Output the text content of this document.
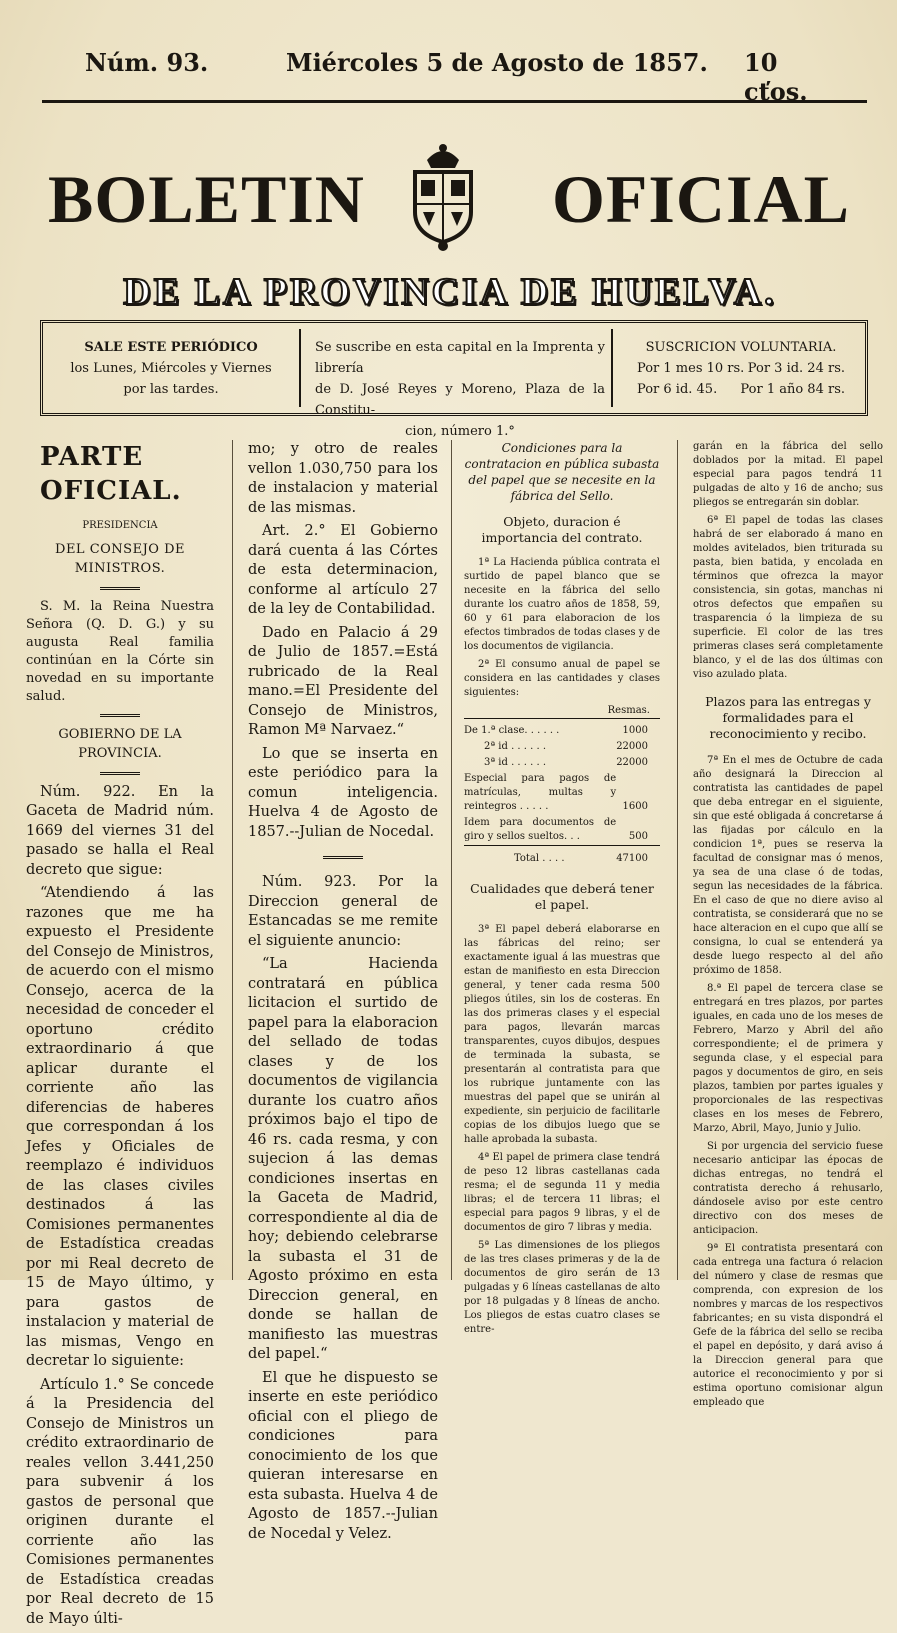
Núm. 93.	Miércoles 5 de Agosto de 1857. 10 cťos.
BOLETIN	OFICIAL
DE LA PROVINCIA DE HUELVA.
SALE ESTE PERIÓDICO
los Lunes, Miércoles y Viernes
por las tardes.
Se suscribe en esta capital en la Imprenta y librería
de D. José Reyes y Moreno, Plaza de la Constitu-
cion, número 1.°
SUSCRICION VOLUNTARIA.
Por 1 mes 10 rs. Por 3 id. 24 rs.
Por 6 id. 45. Por 1 año 84 rs.
PARTE OFICIAL.

PRESIDENCIA

DEL CONSEJO DE MINISTROS.

S. M. la Reina Nuestra Señora (Q. D. G.) y su augusta Real familia continúan en la Córte sin novedad en su importante salud.

GOBIERNO DE LA PROVINCIA.

Núm. 922. En la Gaceta de Madrid núm. 1669 del viernes 31 del pasado se halla el Real decreto que sigue:

“Atendiendo á las razones que me ha expuesto el Presidente del Consejo de Ministros, de acuerdo con el mismo Consejo, acerca de la necesidad de conceder el oportuno crédito extraordinario á que aplicar durante el corriente año las diferencias de haberes que correspondan á los Jefes y Oficiales de reemplazo é individuos de las clases civiles destinados á las Comisiones permanentes de Estadística creadas por mi Real decreto de 15 de Mayo último, y para gastos de instalacion y material de las mismas, Vengo en decretar lo siguiente:

Artículo 1.° Se concede á la Presidencia del Consejo de Ministros un crédito extraordinario de reales vellon 3.441,250 para subvenir á los gastos de personal que originen durante el corriente año las Comisiones permanentes de Estadística creadas por Real decreto de 15 de Mayo últi-

mo; y otro de reales vellon 1.030,750 para los de instalacion y material de las mismas.

Art. 2.° El Gobierno dará cuenta á las Córtes de esta determinacion, conforme al artículo 27 de la ley de Contabilidad.

Dado en Palacio á 29 de Julio de 1857.=Está rubricado de la Real mano.=El Presidente del Consejo de Ministros, Ramon Mª Narvaez.“

Lo que se inserta en este periódico para la comun inteligencia. Huelva 4 de Agosto de 1857.--Julian de Nocedal.

Núm. 923. Por la Direccion general de Estancadas se me remite el siguiente anuncio:

“La Hacienda contratará en pública licitacion el surtido de papel para la elaboracion del sellado de todas clases y de los documentos de vigilancia durante los cuatro años próximos bajo el tipo de 46 rs. cada resma, y con sujecion á las demas condiciones insertas en la Gaceta de Madrid, correspondiente al dia de hoy; debiendo celebrarse la subasta el 31 de Agosto próximo en esta Direccion general, en donde se hallan de manifiesto las muestras del papel.“

El que he dispuesto se inserte en este periódico oficial con el pliego de condiciones para conocimiento de los que quieran interesarse en esta subasta. Huelva 4 de Agosto de 1857.--Julian de Nocedal y Velez.

Condiciones para la contratacion en pública subasta del papel que se necesite en la fábrica del Sello.

Objeto, duracion é importancia del contrato.

1ª La Hacienda pública contrata el surtido de papel blanco que se necesite en la fábrica del sello durante los cuatro años de 1858, 59, 60 y 61 para elaboracion de los efectos timbrados de todas clases y de los documentos de vigilancia.

2ª El consumo anual de papel se considera en las cantidades y clases siguientes:

Resmas.
De 1.ª clase. . . . . .	1000
2ª id . . . . . .	22000
3ª id . . . . . .	22000
Especial para pagos de matrículas, multas y reintegros . . . . .	1600
Idem para documentos de giro y sellos sueltos. . .	500
Total . . . .	47100

Cualidades que deberá tener el papel.

3ª El papel deberá elaborarse en las fábricas del reino; ser exactamente igual á las muestras que estan de manifiesto en esta Direccion general, y tener cada resma 500 pliegos útiles, sin los de costeras. En las dos primeras clases y el especial para pagos, llevarán marcas transparentes, cuyos dibujos, despues de terminada la subasta, se presentarán al contratista para que los rubrique juntamente con las muestras del papel que se unirán al expediente, sin perjuicio de facilitarle copias de los dibujos luego que se halle aprobada la subasta.

4ª El papel de primera clase tendrá de peso 12 libras castellanas cada resma; el de segunda 11 y media libras; el de tercera 11 libras; el especial para pagos 9 libras, y el de documentos de giro 7 libras y media.

5ª Las dimensiones de los pliegos de las tres clases primeras y de la de documentos de giro serán de 13 pulgadas y 6 líneas castellanas de alto por 18 pulgadas y 8 líneas de ancho. Los pliegos de estas cuatro clases se entre-

garán en la fábrica del sello doblados por la mitad. El papel especial para pagos tendrá 11 pulgadas de alto y 16 de ancho; sus pliegos se entregarán sin doblar.

6ª El papel de todas las clases habrá de ser elaborado á mano en moldes avitelados, bien triturada su pasta, bien batida, y encolada en términos que ofrezca la mayor consistencia, sin gotas, manchas ni otros defectos que empañen su trasparencia ó la limpieza de su superficie. El color de las tres primeras clases será completamente blanco, y el de las dos últimas con viso azulado plata.

Plazos para las entregas y formalidades para el reconocimiento y recibo.

7ª En el mes de Octubre de cada año designará la Direccion al contratista las cantidades de papel que deba entregar en el siguiente, sin que esté obligada á concretarse á las fijadas por cálculo en la condicion 1ª, pues se reserva la facultad de consignar mas ó menos, ya sea de una clase ó de todas, segun las necesidades de la fábrica. En el caso de que no diere aviso al contratista, se considerará que no se hace alteracion en el cupo que allí se consigna, lo cual se entenderá ya desde luego respecto al del año próximo de 1858.

8.ª El papel de tercera clase se entregará en tres plazos, por partes iguales, en cada uno de los meses de Febrero, Marzo y Abril del año correspondiente; el de primera y segunda clase, y el especial para pagos y documentos de giro, en seis plazos, tambien por partes iguales y proporcionales de las respectivas clases en los meses de Febrero, Marzo, Abril, Mayo, Junio y Julio.

Si por urgencia del servicio fuese necesario anticipar las épocas de dichas entregas, no tendrá el contratista derecho á rehusarlo, dándosele aviso por este centro directivo con dos meses de anticipacion.

9ª El contratista presentará con cada entrega una factura ó relacion del número y clase de resmas que comprenda, con expresion de los nombres y marcas de los respectivos fabricantes; en su vista dispondrá el Gefe de la fábrica del sello se reciba el papel en depósito, y dará aviso á la Direccion general para que autorice el reconocimiento y por si estima oportuno comisionar algun empleado que
